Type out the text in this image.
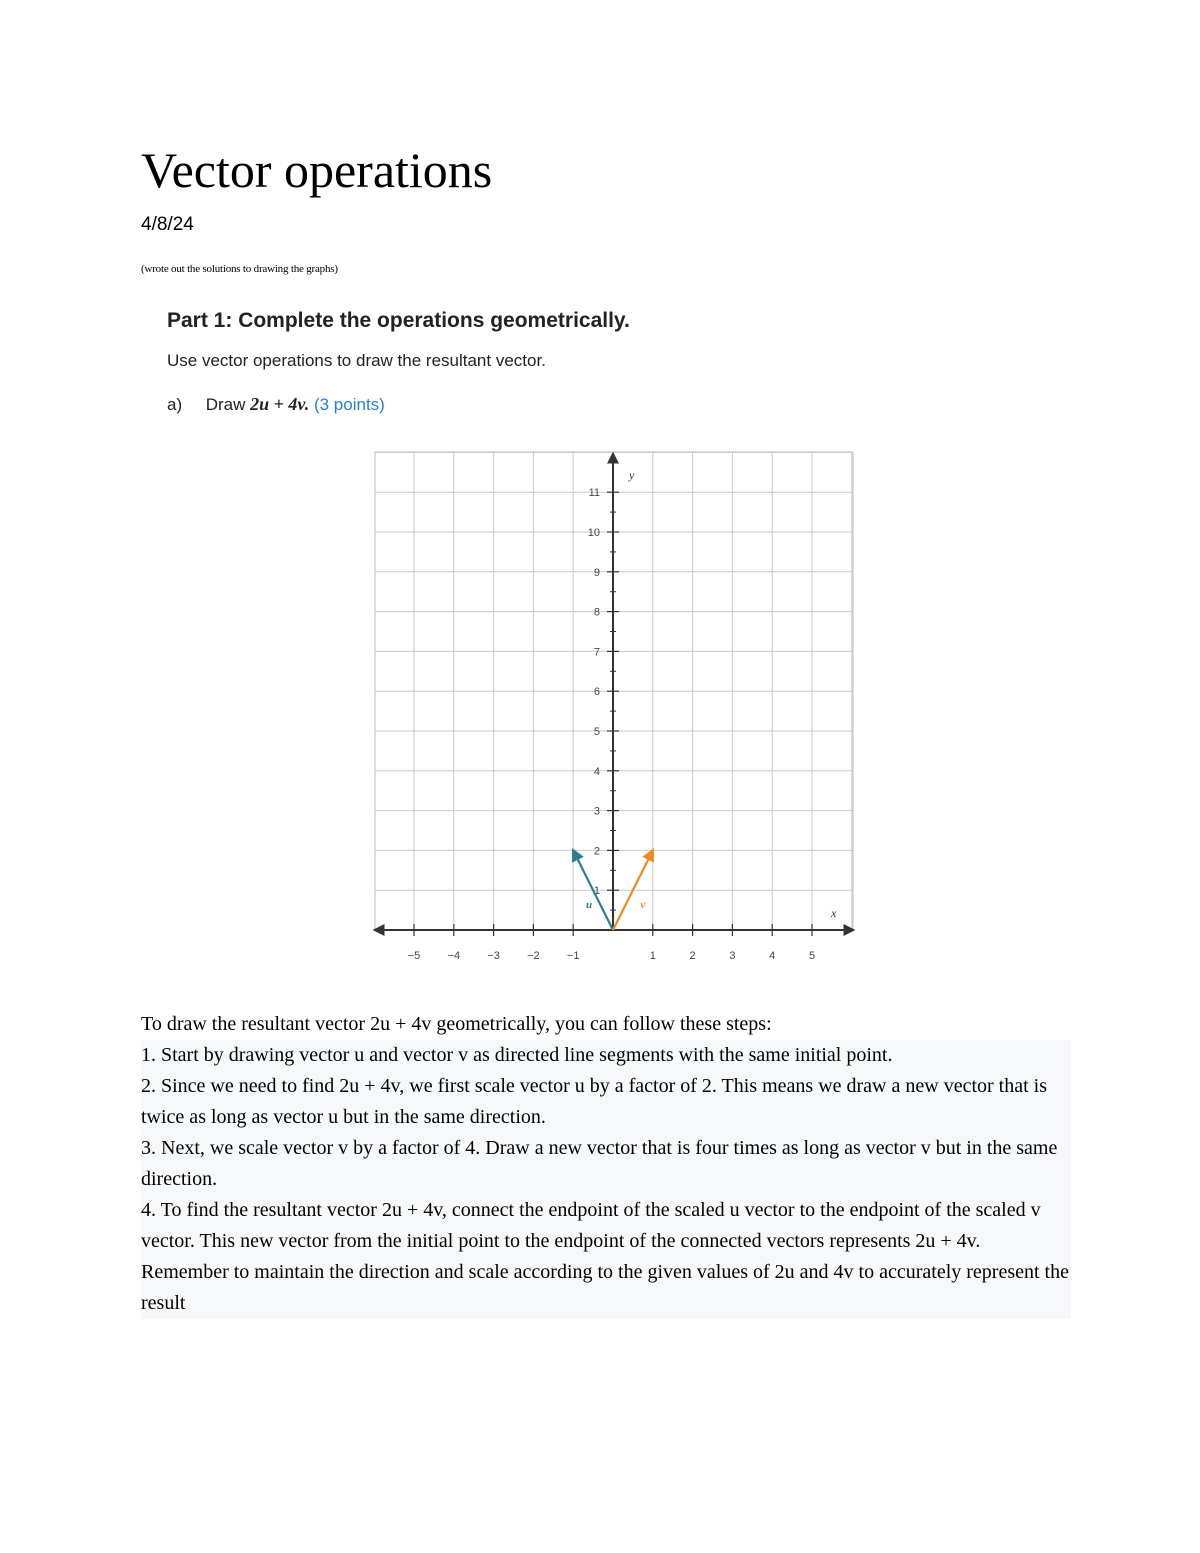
Vector operations
4/8/24
(wrote out the solutions to drawing the graphs)
Part 1: Complete the operations geometrically.
Use vector operations to draw the resultant vector.
a) Draw 2u + 4v. (3 points)
x
y
−5 −4 −3 −2 −1	1	2	3	4	5
1
2
3
4
5
6
7
8
9
10
11
u	v

To draw the resultant vector 2u + 4v geometrically, you can follow these steps:

1. Start by drawing vector u and vector v as directed line segments with the same initial point.

2. Since we need to find 2u + 4v, we first scale vector u by a factor of 2. This means we draw a new vector that is twice as long as vector u but in the same direction.

3. Next, we scale vector v by a factor of 4. Draw a new vector that is four times as long as vector v but in the same direction.

4. To find the resultant vector 2u + 4v, connect the endpoint of the scaled u vector to the endpoint of the scaled v vector. This new vector from the initial point to the endpoint of the connected vectors represents 2u + 4v.

Remember to maintain the direction and scale according to the given values of 2u and 4v to accurately represent the result
